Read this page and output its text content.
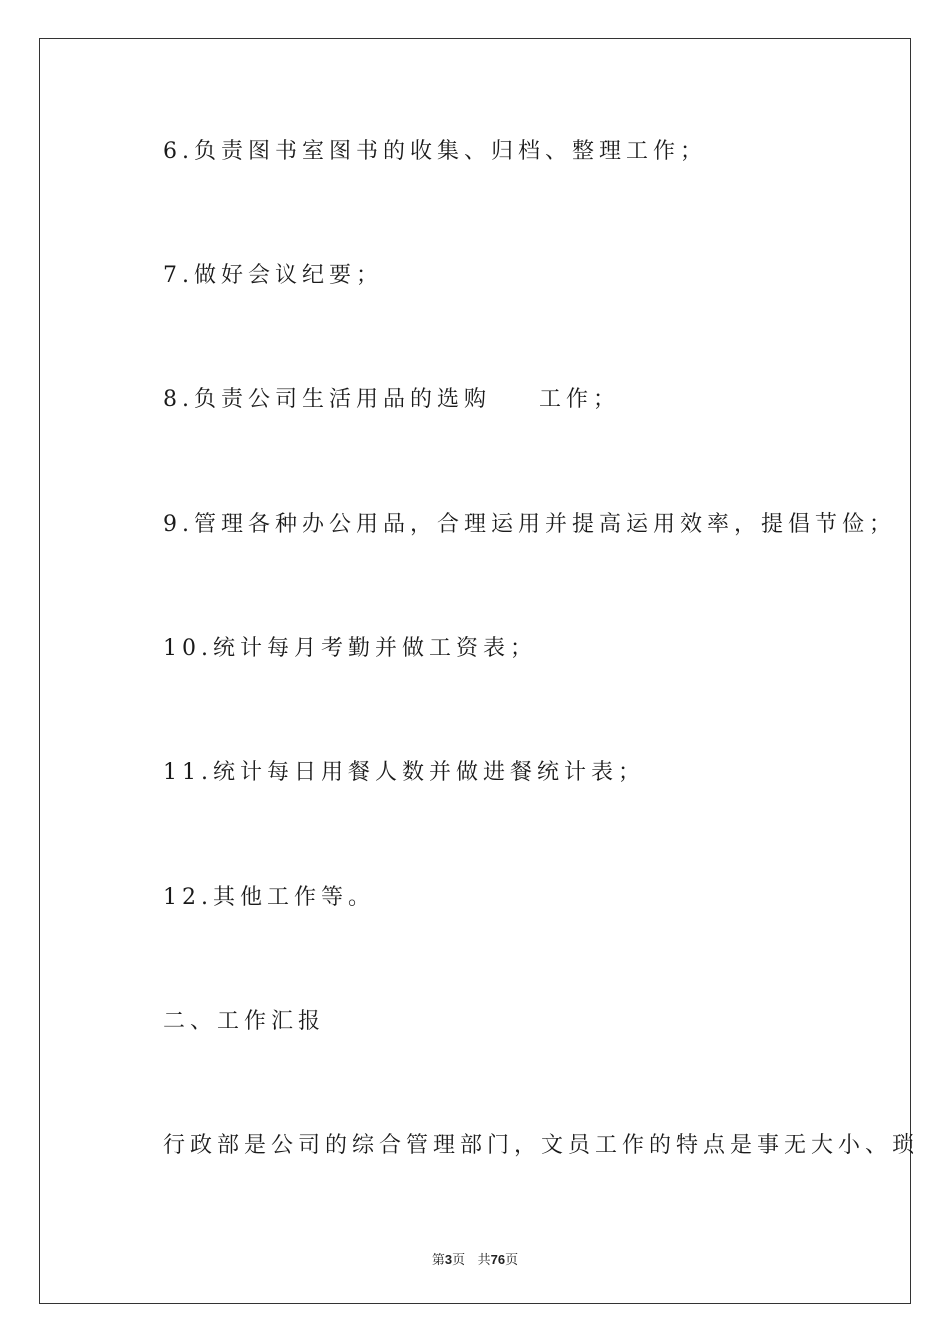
6.负责图书室图书的收集、归档、整理工作；
7.做好会议纪要；
8.负责公司生活用品的选购    工作；
9.管理各种办公用品，合理运用并提高运用效率，提倡节俭；
10.统计每月考勤并做工资表；
11.统计每日用餐人数并做进餐统计表；
12.其他工作等。
二、工作汇报
行政部是公司的综合管理部门，文员工作的特点是事无大小、琐
第3页 共76页
